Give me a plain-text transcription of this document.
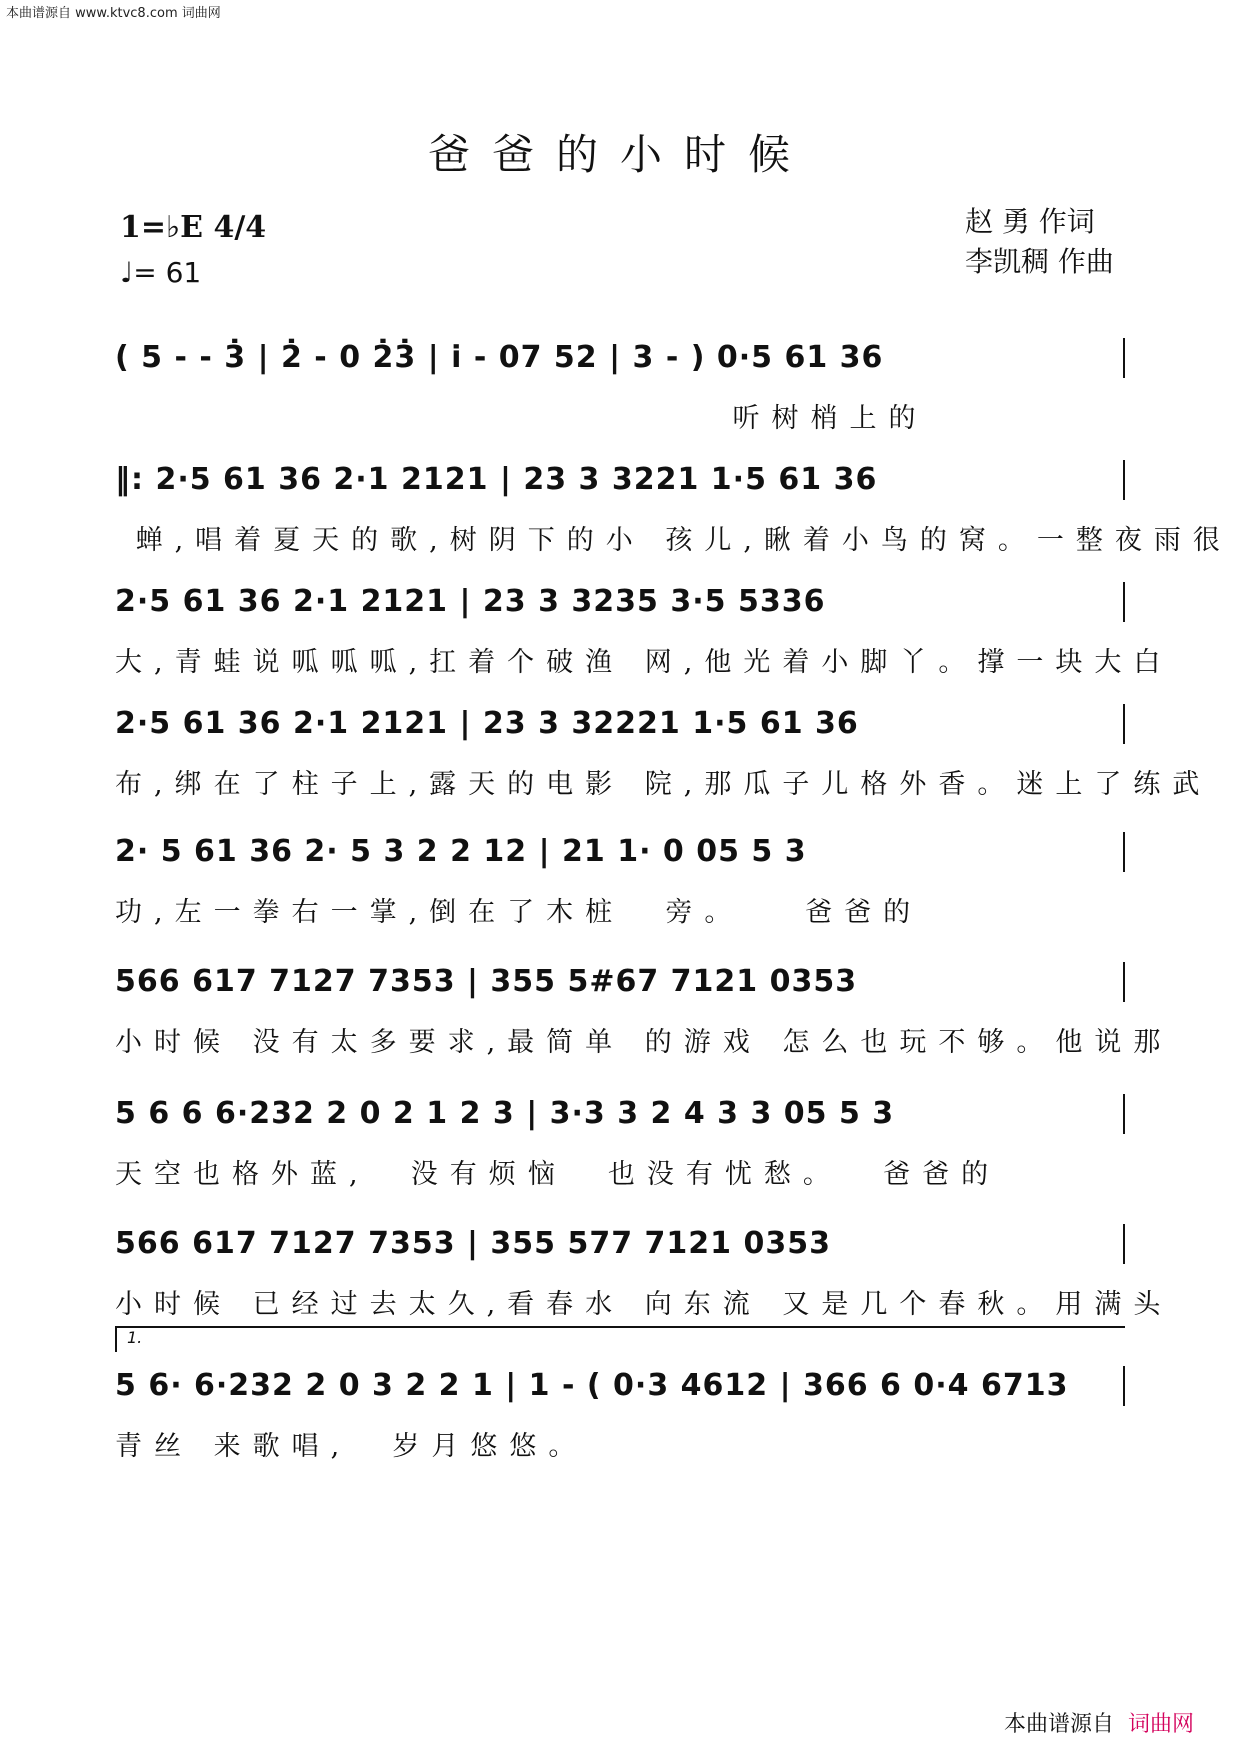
本曲谱源自 www.ktvc8.com 词曲网
爸爸的小时候
1=♭E 4/4
♩= 61
赵 勇 作词
李凯稠 作曲
( 5 - - 3̇ | 2̇ - 0 2̇3̇ | i̇ - 07 52 | 3 - ) 0·5 61 36
听树梢上的
‖: 2·5 61 36 2·1 2121 | 23 3 3221 1·5 61 36
蝉,唱着夏天的歌,树阴下的小 孩儿,瞅着小鸟的窝。一整夜雨很
2·5 61 36 2·1 2121 | 23 3 3235 3·5 5336
大,青蛙说呱呱呱,扛着个破渔 网,他光着小脚丫。撑一块大白
2·5 61 36 2·1 2121 | 23 3 32221 1·5 61 36
布,绑在了柱子上,露天的电影 院,那瓜子儿格外香。迷上了练武
2· 5 61 36 2· 5 3 2 2 12 | 21 1· 0 05 5 3
功,左一拳右一掌,倒在了木桩  旁。   爸爸的
566 617 7127 7353 | 355 5#67 7121 0353
小时候 没有太多要求,最简单 的游戏 怎么也玩不够。他说那
5 6 6 6·232 2 0 2 1 2 3 | 3·3 3 2 4 3 3 05 5 3
天空也格外蓝,  没有烦恼  也没有忧愁。  爸爸的
566 617 7127 7353 | 355 577 7121 0353
小时候 已经过去太久,看春水 向东流 又是几个春秋。用满头
1.
5 6· 6·232 2 0 3 2 2 1 | 1 - ( 0·3 4612 | 366 6 0·4 6713
青丝 来歌唱,  岁月悠悠。
本曲谱源自 词曲网
